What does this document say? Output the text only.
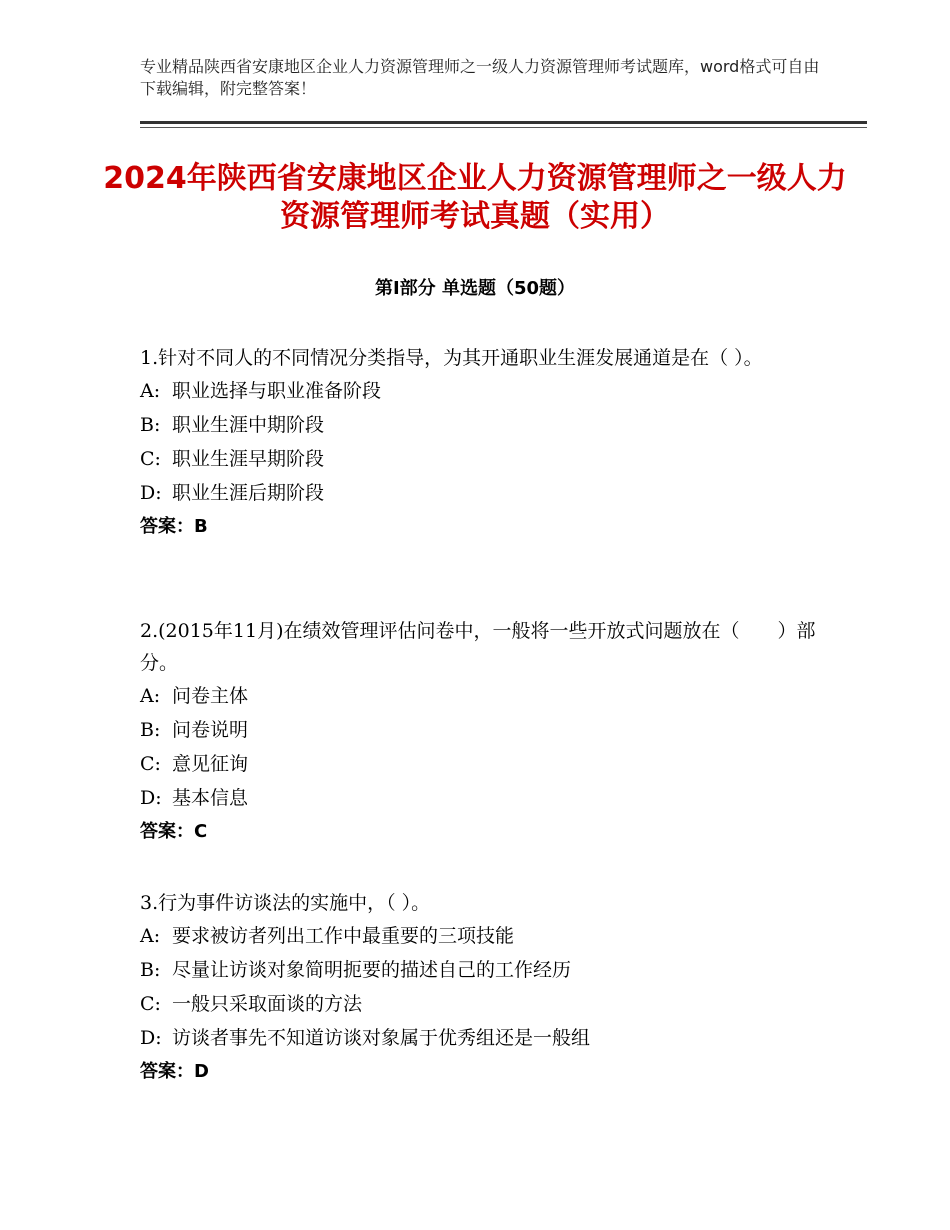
专业精品陕西省安康地区企业人力资源管理师之一级人力资源管理师考试题库，word格式可自由下载编辑，附完整答案！
2024年陕西省安康地区企业人力资源管理师之一级人力资源管理师考试真题（实用）
第Ⅰ部分 单选题（50题）

1.针对不同人的不同情况分类指导，为其开通职业生涯发展通道是在（ ）。

A: 职业选择与职业准备阶段

B: 职业生涯中期阶段

C: 职业生涯早期阶段

D: 职业生涯后期阶段

答案：B

2.(2015年11月)在绩效管理评估问卷中，一般将一些开放式问题放在（　　）部分。

A: 问卷主体

B: 问卷说明

C: 意见征询

D: 基本信息

答案：C

3.行为事件访谈法的实施中，（ ）。

A: 要求被访者列出工作中最重要的三项技能

B: 尽量让访谈对象简明扼要的描述自己的工作经历

C: 一般只采取面谈的方法

D: 访谈者事先不知道访谈对象属于优秀组还是一般组

答案：D
